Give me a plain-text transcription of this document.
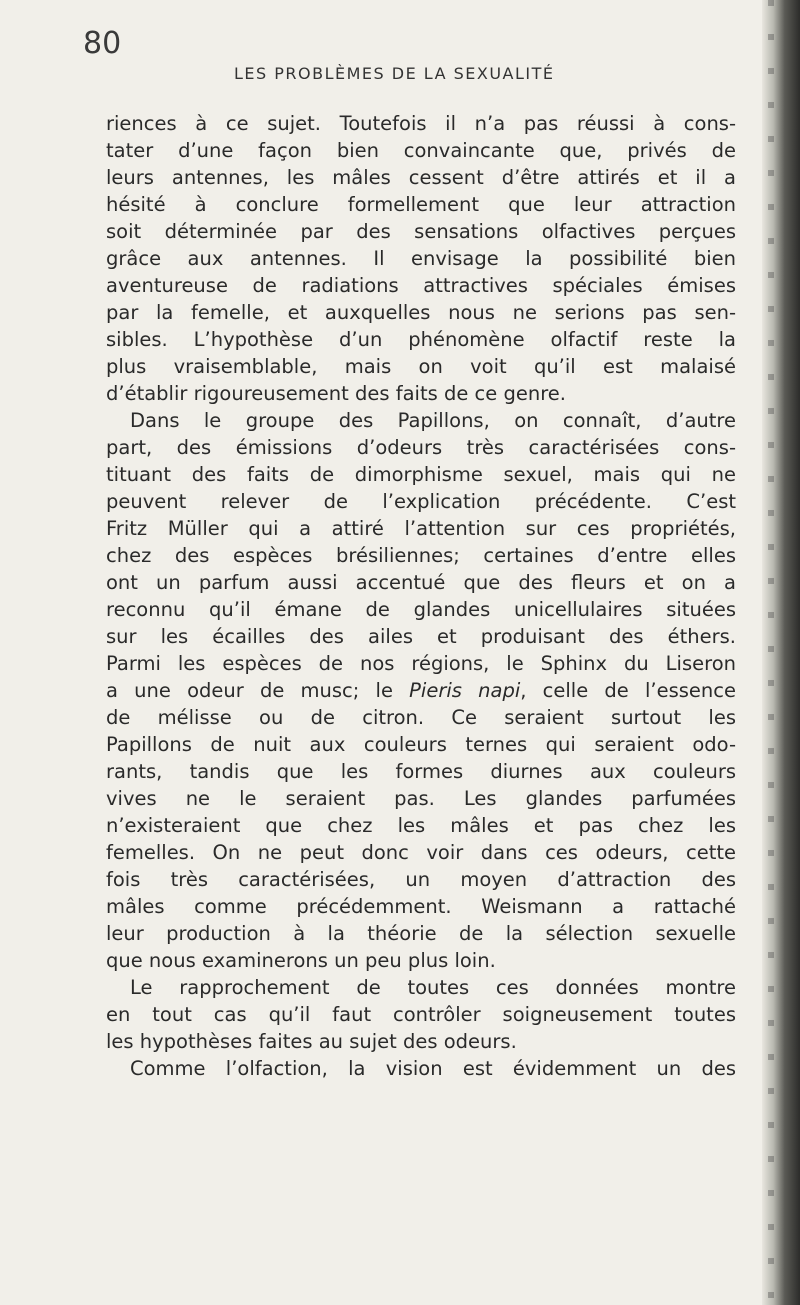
80
LES PROBLÈMES DE LA SEXUALITÉ
riences à ce sujet. Toutefois il n’a pas réussi à cons-
tater d’une façon bien convaincante que, privés de
leurs antennes, les mâles cessent d’être attirés et il a
hésité à conclure formellement que leur attraction
soit déterminée par des sensations olfactives perçues
grâce aux antennes. Il envisage la possibilité bien
aventureuse de radiations attractives spéciales émises
par la femelle, et auxquelles nous ne serions pas sen-
sibles. L’hypothèse d’un phénomène olfactif reste la
plus vraisemblable, mais on voit qu’il est malaisé
d’établir rigoureusement des faits de ce genre.
Dans le groupe des Papillons, on connaît, d’autre
part, des émissions d’odeurs très caractérisées cons-
tituant des faits de dimorphisme sexuel, mais qui ne
peuvent relever de l’explication précédente. C’est
Fritz Müller qui a attiré l’attention sur ces propriétés,
chez des espèces brésiliennes; certaines d’entre elles
ont un parfum aussi accentué que des fleurs et on a
reconnu qu’il émane de glandes unicellulaires situées
sur les écailles des ailes et produisant des éthers.
Parmi les espèces de nos régions, le Sphinx du Liseron
a une odeur de musc; le Pieris napi, celle de l’essence
de mélisse ou de citron. Ce seraient surtout les
Papillons de nuit aux couleurs ternes qui seraient odo-
rants, tandis que les formes diurnes aux couleurs
vives ne le seraient pas. Les glandes parfumées
n’existeraient que chez les mâles et pas chez les
femelles. On ne peut donc voir dans ces odeurs, cette
fois très caractérisées, un moyen d’attraction des
mâles comme précédemment. Weismann a rattaché
leur production à la théorie de la sélection sexuelle
que nous examinerons un peu plus loin.
Le rapprochement de toutes ces données montre
en tout cas qu’il faut contrôler soigneusement toutes
les hypothèses faites au sujet des odeurs.
Comme l’olfaction, la vision est évidemment un des
